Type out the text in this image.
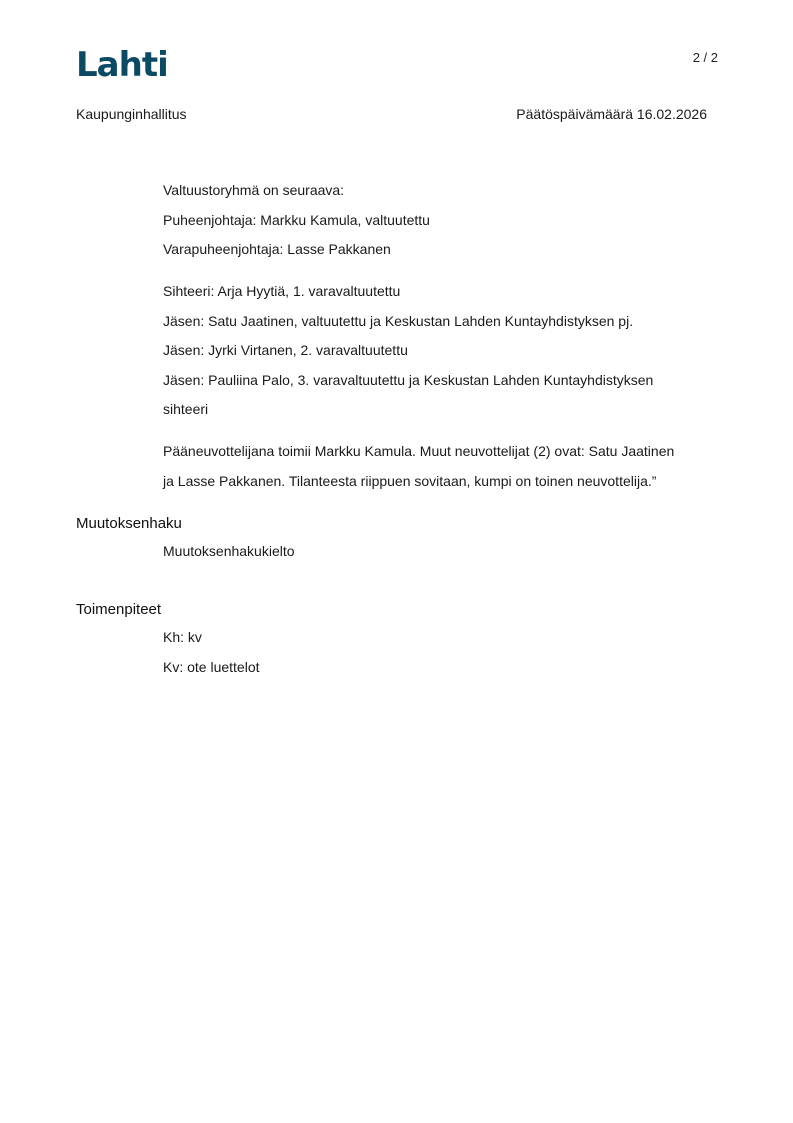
Lahti	2 / 2
Kaupunginhallitus	Päätöspäivämäärä 16.02.2026
Valtuustoryhmä on seuraava:
Puheenjohtaja: Markku Kamula, valtuutettu
Varapuheenjohtaja: Lasse Pakkanen
Sihteeri: Arja Hyytiä, 1. varavaltuutettu
Jäsen: Satu Jaatinen, valtuutettu ja Keskustan Lahden Kuntayhdistyksen pj.
Jäsen: Jyrki Virtanen, 2. varavaltuutettu
Jäsen: Pauliina Palo, 3. varavaltuutettu ja Keskustan Lahden Kuntayhdistyksen
sihteeri
Pääneuvottelijana toimii Markku Kamula. Muut neuvottelijat (2) ovat: Satu Jaatinen
ja Lasse Pakkanen. Tilanteesta riippuen sovitaan, kumpi on toinen neuvottelija.”
Muutoksenhaku
Muutoksenhakukielto
Toimenpiteet
Kh: kv
Kv: ote luettelot
